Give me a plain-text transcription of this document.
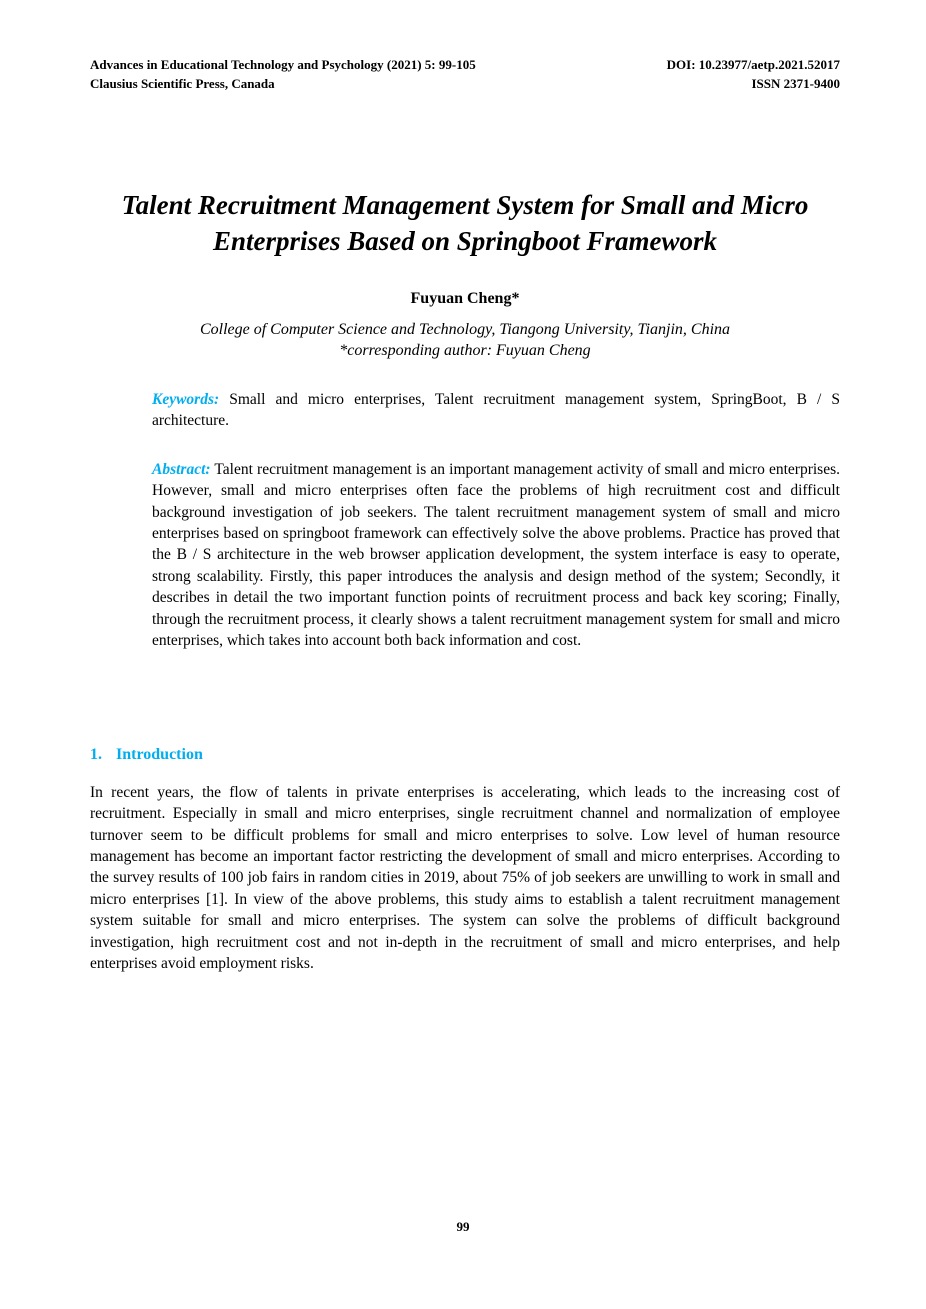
Advances in Educational Technology and Psychology (2021) 5: 99-105
Clausius Scientific Press, Canada
DOI: 10.23977/aetp.2021.52017
ISSN 2371-9400
Talent Recruitment Management System for Small and Micro Enterprises Based on Springboot Framework
Fuyuan Cheng*
College of Computer Science and Technology, Tiangong University, Tianjin, China
*corresponding author: Fuyuan Cheng

Keywords: Small and micro enterprises, Talent recruitment management system, SpringBoot, B / S architecture.

Abstract: Talent recruitment management is an important management activity of small and micro enterprises. However, small and micro enterprises often face the problems of high recruitment cost and difficult background investigation of job seekers. The talent recruitment management system of small and micro enterprises based on springboot framework can effectively solve the above problems. Practice has proved that the B / S architecture in the web browser application development, the system interface is easy to operate, strong scalability. Firstly, this paper introduces the analysis and design method of the system; Secondly, it describes in detail the two important function points of recruitment process and back key scoring; Finally, through the recruitment process, it clearly shows a talent recruitment management system for small and micro enterprises, which takes into account both back information and cost.

1. Introduction

In recent years, the flow of talents in private enterprises is accelerating, which leads to the increasing cost of recruitment. Especially in small and micro enterprises, single recruitment channel and normalization of employee turnover seem to be difficult problems for small and micro enterprises to solve. Low level of human resource management has become an important factor restricting the development of small and micro enterprises. According to the survey results of 100 job fairs in random cities in 2019, about 75% of job seekers are unwilling to work in small and micro enterprises [1]. In view of the above problems, this study aims to establish a talent recruitment management system suitable for small and micro enterprises. The system can solve the problems of difficult background investigation, high recruitment cost and not in-depth in the recruitment of small and micro enterprises, and help enterprises avoid employment risks.

99
